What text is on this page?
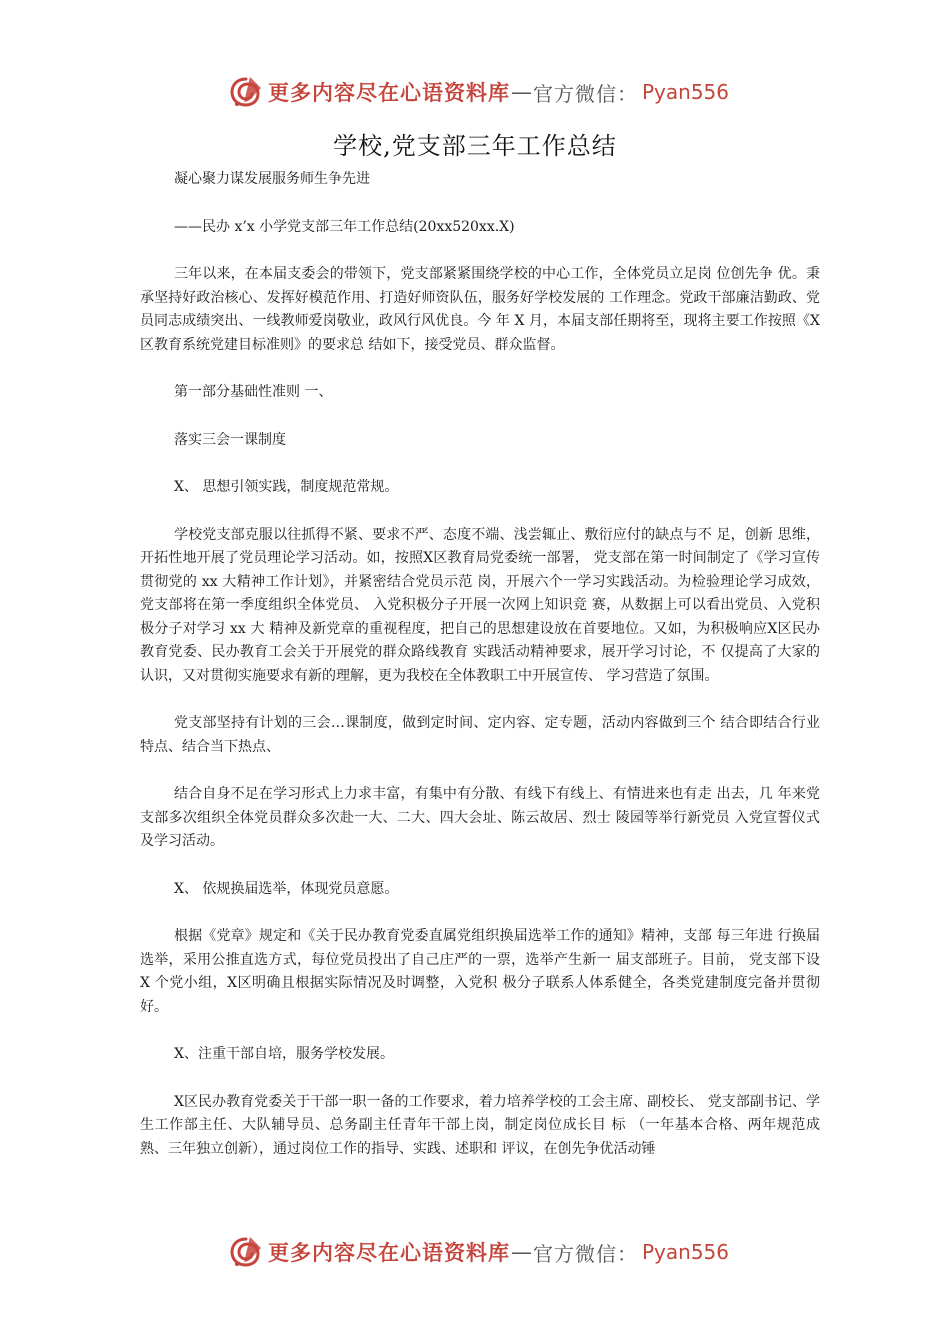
更多内容尽在心语资料库 — 官方微信： Pyan556
学校,党支部三年工作总结

凝心聚力谋发展服务师生争先进

——民办 x’x 小学党支部三年工作总结(20xx520xx.X)

三年以来，在本届支委会的带领下，党支部紧紧围绕学校的中心工作，全体党员立足岗 位创先争 优。秉承坚持好政治核心、发挥好模范作用、打造好师资队伍，服务好学校发展的 工作理念。党政干部廉洁勤政、党员同志成绩突出、一线教师爱岗敬业，政风行风优良。今 年 X 月，本届支部任期将至，现将主要工作按照《X区教育系统党建目标准则》的要求总 结如下，接受党员、群众监督。

第一部分基础性准则 一、

落实三会一课制度

X、 思想引领实践，制度规范常规。

学校党支部克服以往抓得不紧、要求不严、态度不端、浅尝辄止、敷衍应付的缺点与不 足，创新 思维，开拓性地开展了党员理论学习活动。如，按照X区教育局党委统一部署， 党支部在第一时间制定了《学习宣传贯彻党的 xx 大精神工作计划》，并紧密结合党员示范 岗，开展六个一学习实践活动。为检验理论学习成效，党支部将在第一季度组织全体党员、 入党积极分子开展一次网上知识竞 赛，从数据上可以看出党员、入党积极分子对学习 xx 大 精神及新党章的重视程度，把自己的思想建设放在首要地位。又如，为积极响应X区民办 教育党委、民办教育工会关于开展党的群众路线教育 实践活动精神要求，展开学习讨论，不 仅提高了大家的认识，又对贯彻实施要求有新的理解，更为我校在全体教职工中开展宣传、 学习营造了氛围。

党支部坚持有计划的三会…课制度，做到定时间、定内容、定专题，活动内容做到三个 结合即结合行业特点、结合当下热点、

结合自身不足在学习形式上力求丰富，有集中有分散、有线下有线上、有情进来也有走 出去，几 年来党支部多次组织全体党员群众多次赴一大、二大、四大会址、陈云故居、烈士 陵园等举行新党员 入党宣誓仪式及学习活动。

X、 依规换届选举，体现党员意愿。

根据《党章》规定和《关于民办教育党委直属党组织换届选举工作的通知》精神，支部 每三年进 行换届选举，采用公推直选方式，每位党员投出了自己庄严的一票，选举产生新一 届支部班子。目前， 党支部下设 X 个党小组，X区明确且根据实际情况及时调整，入党积 极分子联系人体系健全，各类党建制度完备并贯彻好。

X、注重干部自培，服务学校发展。

X区民办教育党委关于干部一职一备的工作要求，着力培养学校的工会主席、副校长、 党支部副书记、学生工作部主任、大队辅导员、总务副主任青年干部上岗，制定岗位成长目 标 （一年基本合格、两年规范成熟、三年独立创新），通过岗位工作的指导、实践、述职和 评议，在创先争优活动锤

更多内容尽在心语资料库 — 官方微信： Pyan556
